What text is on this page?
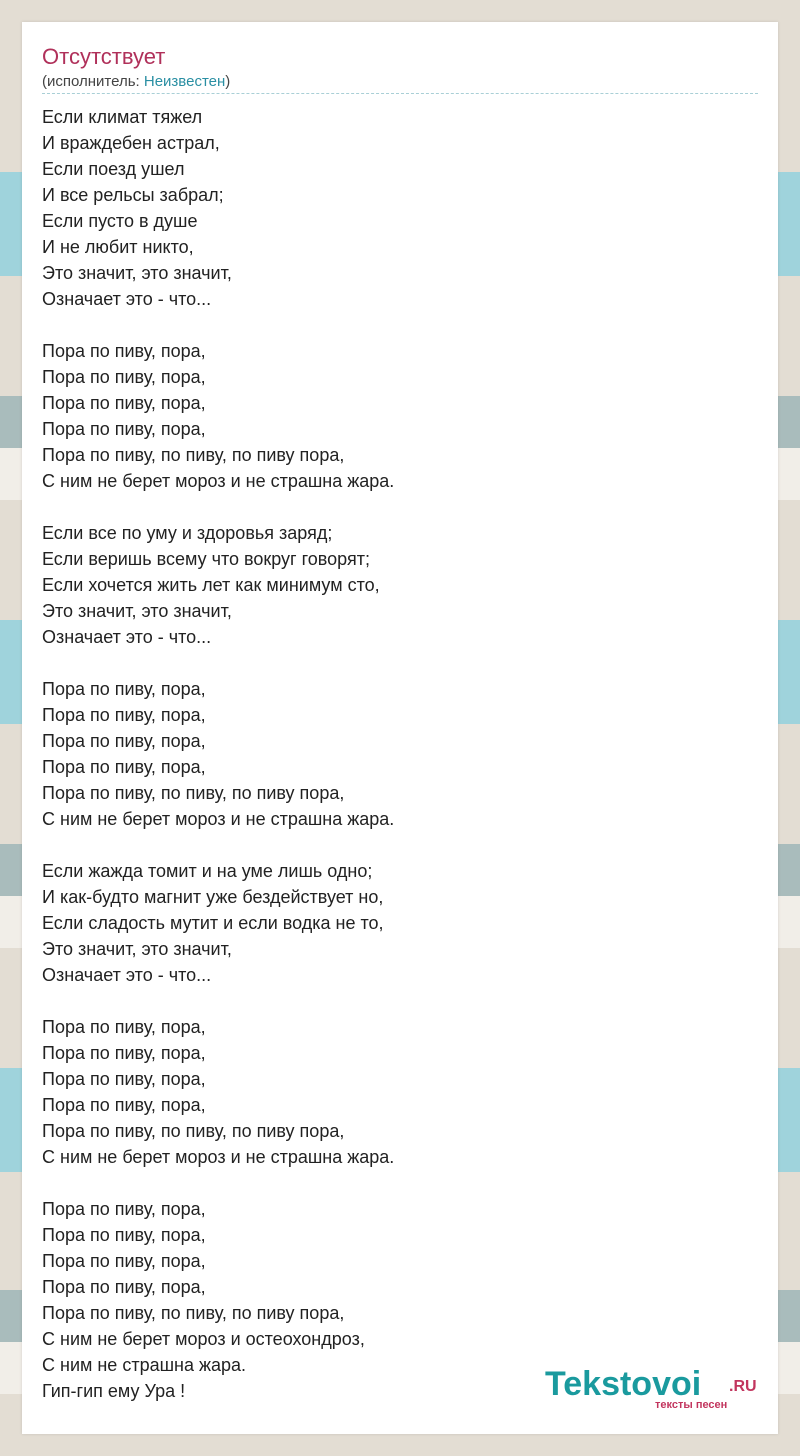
Отсутствует
(исполнитель: Неизвестен)
Если климат тяжел
И враждебен астрал,
Если поезд ушел
И все рельсы забрал;
Если пусто в душе
И не любит никто,
Это значит, это значит,
Означает это - что...
Пора по пиву, пора,
Пора по пиву, пора,
Пора по пиву, пора,
Пора по пиву, пора,
Пора по пиву, по пиву, по пиву пора,
С ним не берет мороз и не страшна жара.
Если все по уму и здоровья заряд;
Если веришь всему что вокруг говорят;
Если хочется жить лет как минимум сто,
Это значит, это значит,
Означает это - что...
Пора по пиву, пора,
Пора по пиву, пора,
Пора по пиву, пора,
Пора по пиву, пора,
Пора по пиву, по пиву, по пиву пора,
С ним не берет мороз и не страшна жара.
Если жажда томит и на уме лишь одно;
И как-будто магнит уже бездействует но,
Если сладость мутит и если водка не то,
Это значит, это значит,
Означает это - что...
Пора по пиву, пора,
Пора по пиву, пора,
Пора по пиву, пора,
Пора по пиву, пора,
Пора по пиву, по пиву, по пиву пора,
С ним не берет мороз и не страшна жара.
Пора по пиву, пора,
Пора по пиву, пора,
Пора по пиву, пора,
Пора по пиву, пора,
Пора по пиву, по пиву, по пиву пора,
С ним не берет мороз и остеохондроз,
С ним не страшна жара.
Гип-гип ему Ура !	Tekstovoi .RU
тексты песен
